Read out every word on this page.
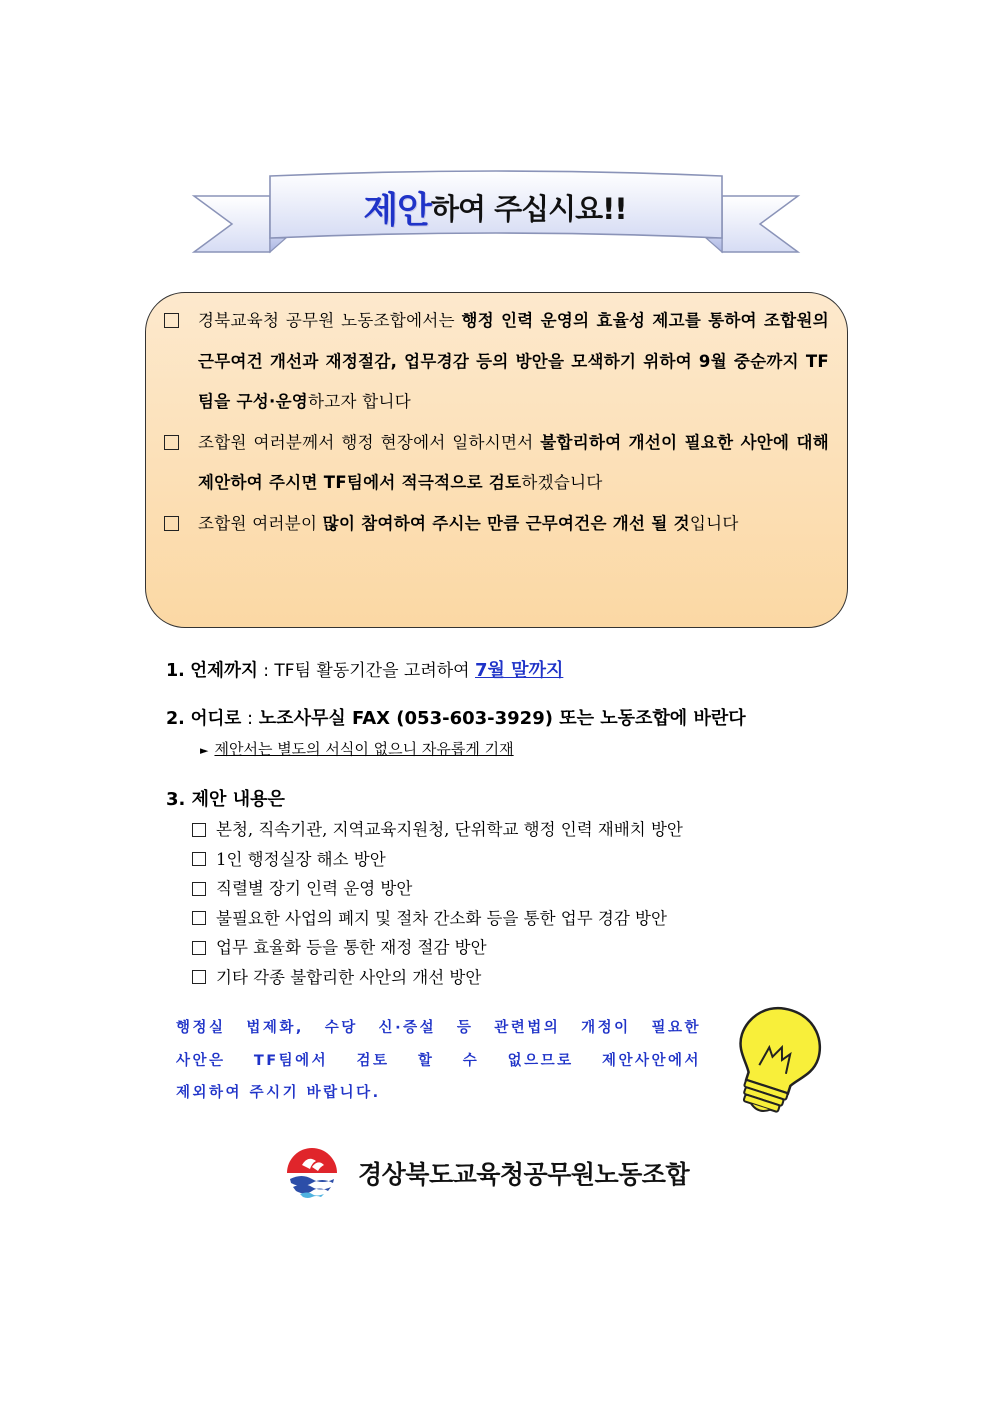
제안 하여 주십시요!!
경북교육청 공무원 노동조합에서는 행정 인력 운영의 효율성 제고를 통하여 조합원의 근무여건 개선과 재정절감, 업무경감 등의 방안을 모색하기 위하여 9월 중순까지 TF팀을 구성·운영하고자 합니다
조합원 여러분께서 행정 현장에서 일하시면서 불합리하여 개선이 필요한 사안에 대해 제안하여 주시면 TF팀에서 적극적으로 검토하겠습니다
조합원 여러분이 많이 참여하여 주시는 만큼 근무여건은 개선 될 것입니다
1. 언제까지 : TF팀 활동기간을 고려하여 7월 말까지
2. 어디로 : 노조사무실 FAX (053-603-3929) 또는 노동조합에 바란다
► 제안서는 별도의 서식이 없으니 자유롭게 기재
3. 제안 내용은
본청, 직속기관, 지역교육지원청, 단위학교 행정 인력 재배치 방안
1인 행정실장 해소 방안
직렬별 장기 인력 운영 방안
불필요한 사업의 폐지 및 절차 간소화 등을 통한 업무 경감 방안
업무 효율화 등을 통한 재정 절감 방안
기타 각종 불합리한 사안의 개선 방안
행정실 법제화, 수당 신·증설 등 관련법의 개정이 필요한
사안은 TF팀에서 검토 할 수 없으므로 제안사안에서
제외하여 주시기 바랍니다.
경상북도교육청공무원노동조합
